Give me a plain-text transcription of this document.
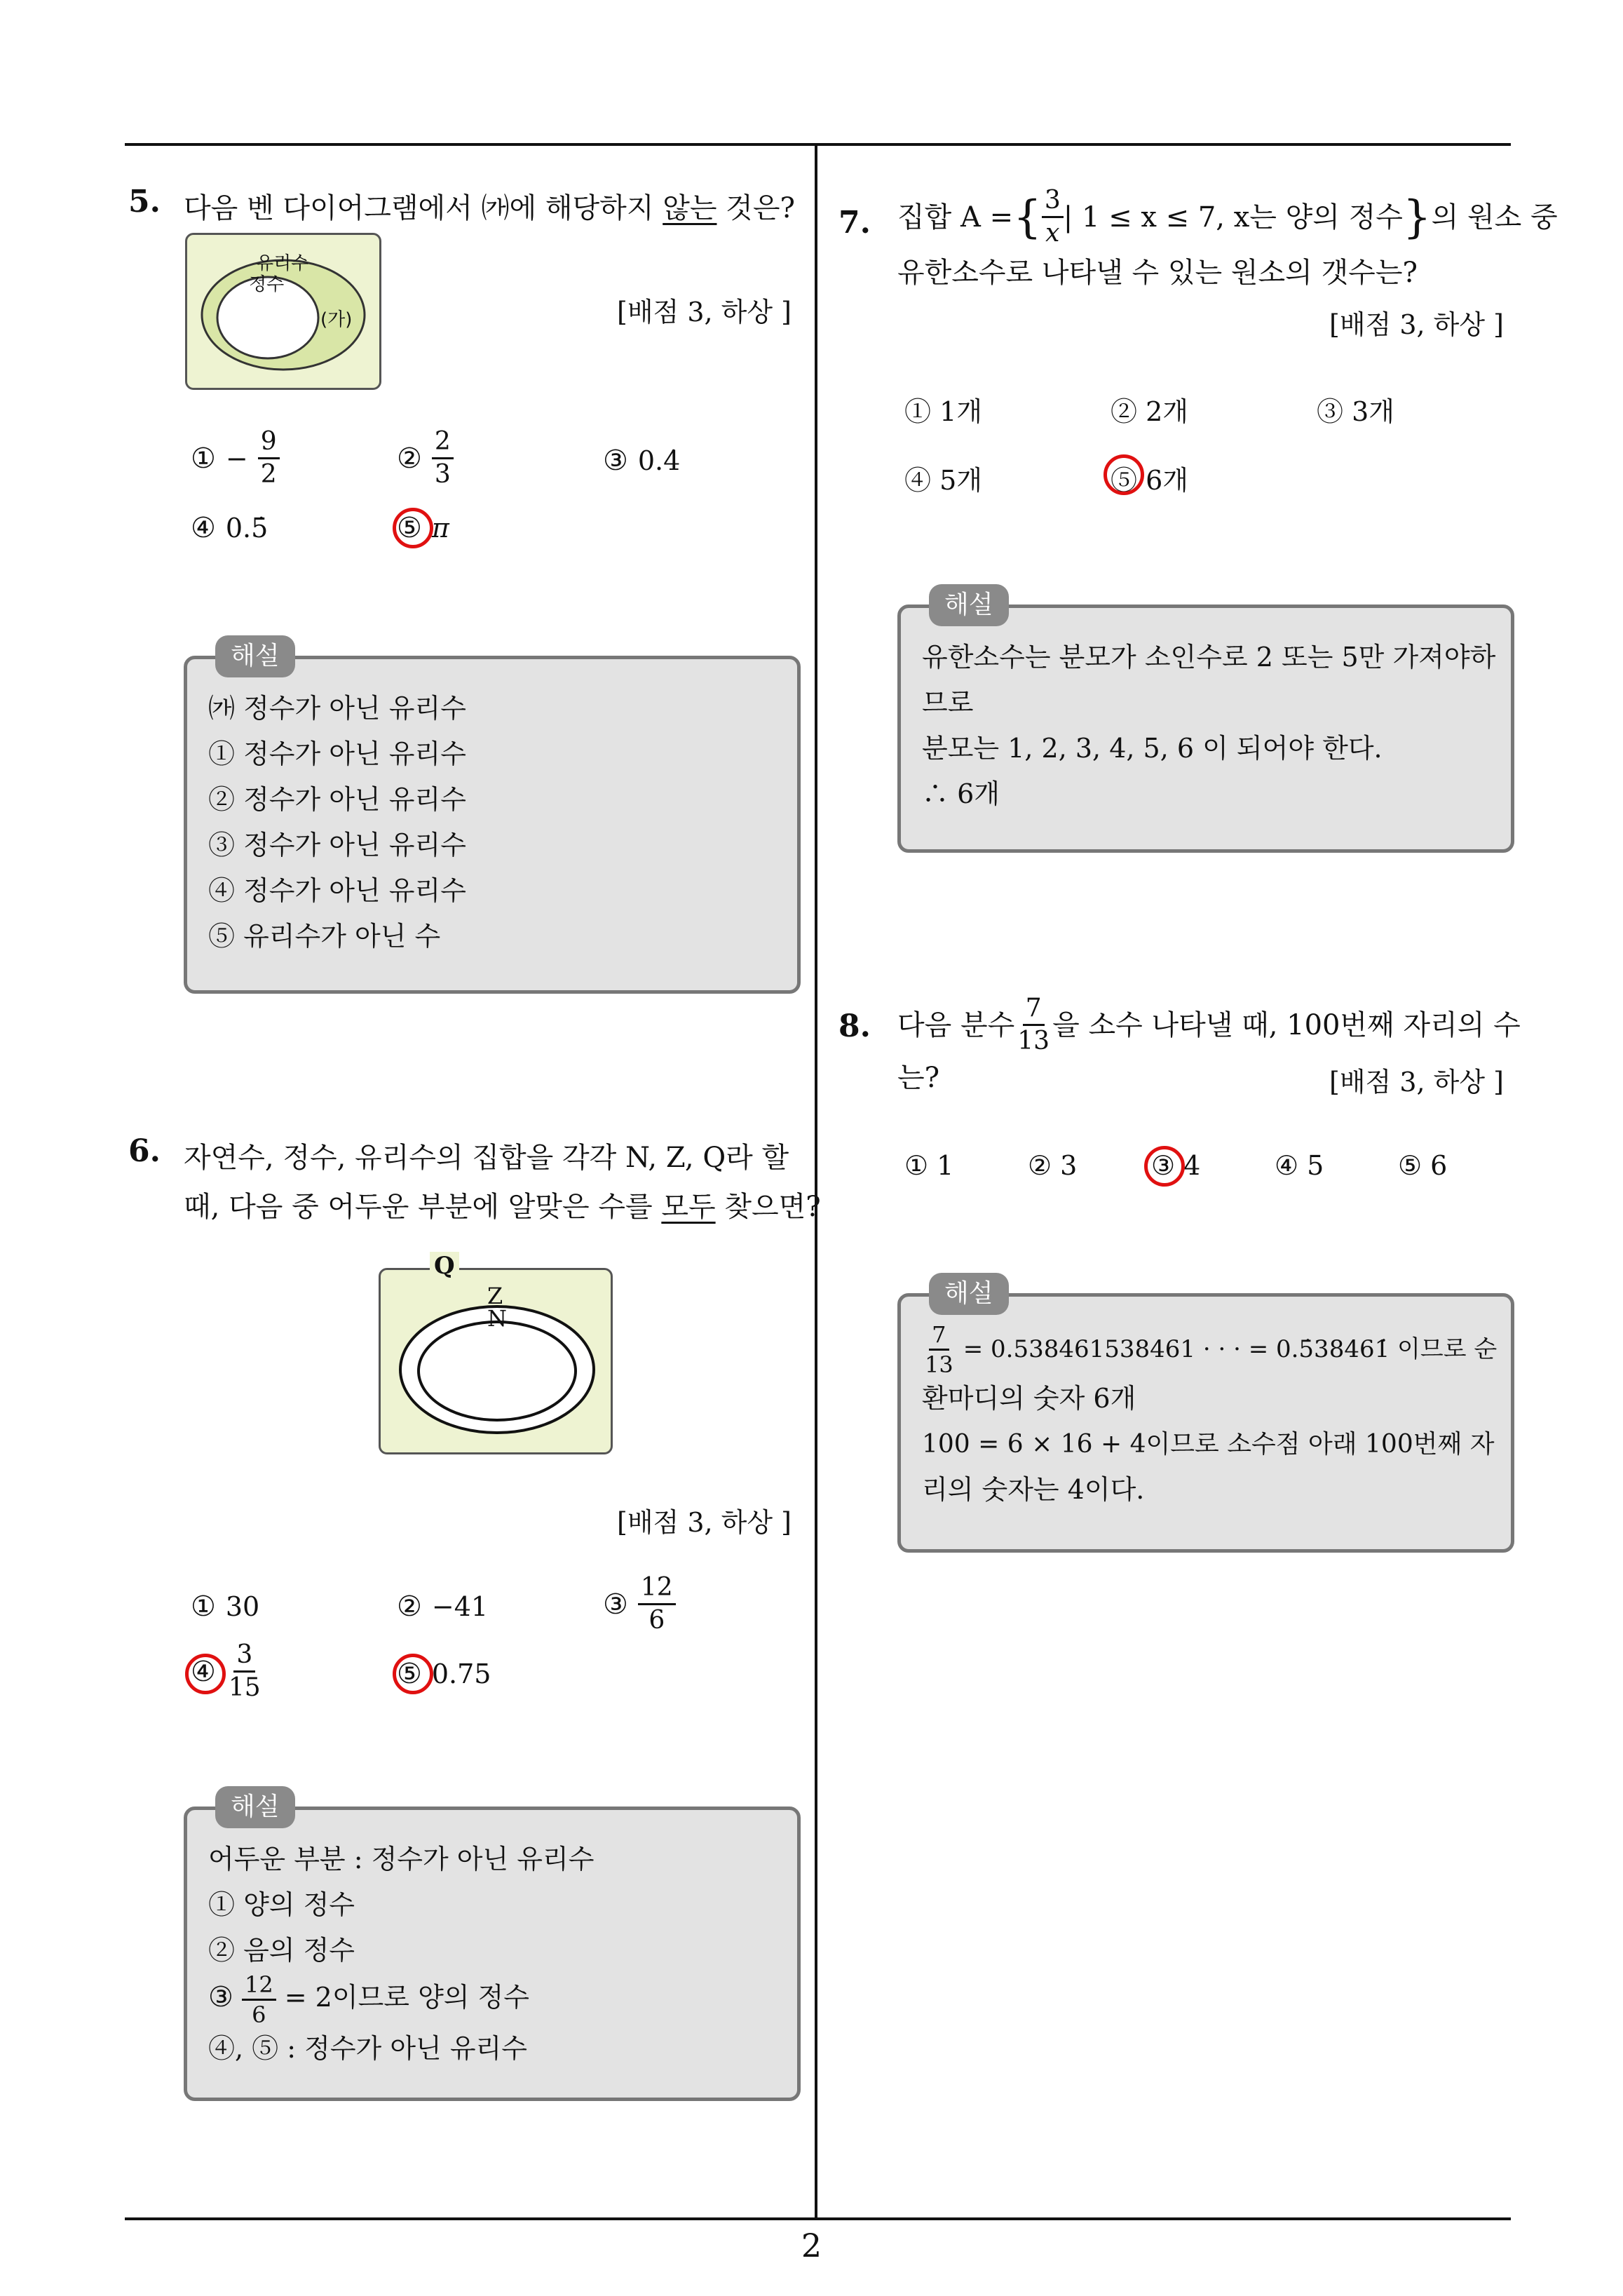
2
5. 다음 벤 다이어그램에서 ㈎에 해당하지 않는 것은?
유리수
정수
(가)	[배점 3, 하상 ]
① − $\frac{9}{2}$	② $\frac{2}{3}$	③ 0.4̇
④ 0.5̇	⑤ π
해설
㈎ 정수가 아닌 유리수
① 정수가 아닌 유리수
② 정수가 아닌 유리수
③ 정수가 아닌 유리수
④ 정수가 아닌 유리수
⑤ 유리수가 아닌 수
6. 자연수, 정수, 유리수의 집합을 각각 N, Z, Q라 할
때, 다음 중 어두운 부분에 알맞은 수를 모두 찾으면?
Q
Z
N
[배점 3, 하상 ]
① 30	② −41	③ $\frac{12}{6}$
④ $\frac{3}{15}$	⑤ 0.75
해설
어두운 부분 : 정수가 아닌 유리수
① 양의 정수
② 음의 정수
③ $\frac{12}{6} = 2$이므로 양의 정수
④, ⑤ : 정수가 아닌 유리수
7. 집합 A = { $\frac{3}{x}$ | 1 ≤ x ≤ 7, x는 양의 정수 } 의 원소 중
유한소수로 나타낼 수 있는 원소의 갯수는?
[배점 3, 하상 ]
① 1개	② 2개	③ 3개
④ 5개	⑤ 6개
해설
유한소수는 분모가 소인수로 2 또는 5만 가져야하
므로
분모는 1, 2, 3, 4, 5, 6 이 되어야 한다.
∴ 6개
8. 다음 분수 $\frac{7}{13}$ 을 소수 나타낼 때, 100번째 자리의 수
는?	[배점 3, 하상 ]
① 1	② 3	③ 4	④ 5	⑤ 6
해설
$\frac{7}{13} = 0.538461538461$ · · · = 0.5̇38461̇ 이므로 순
환마디의 숫자 6개
100 = 6 × 16 + 4이므로 소수점 아래 100번째 자
리의 숫자는 4이다.
